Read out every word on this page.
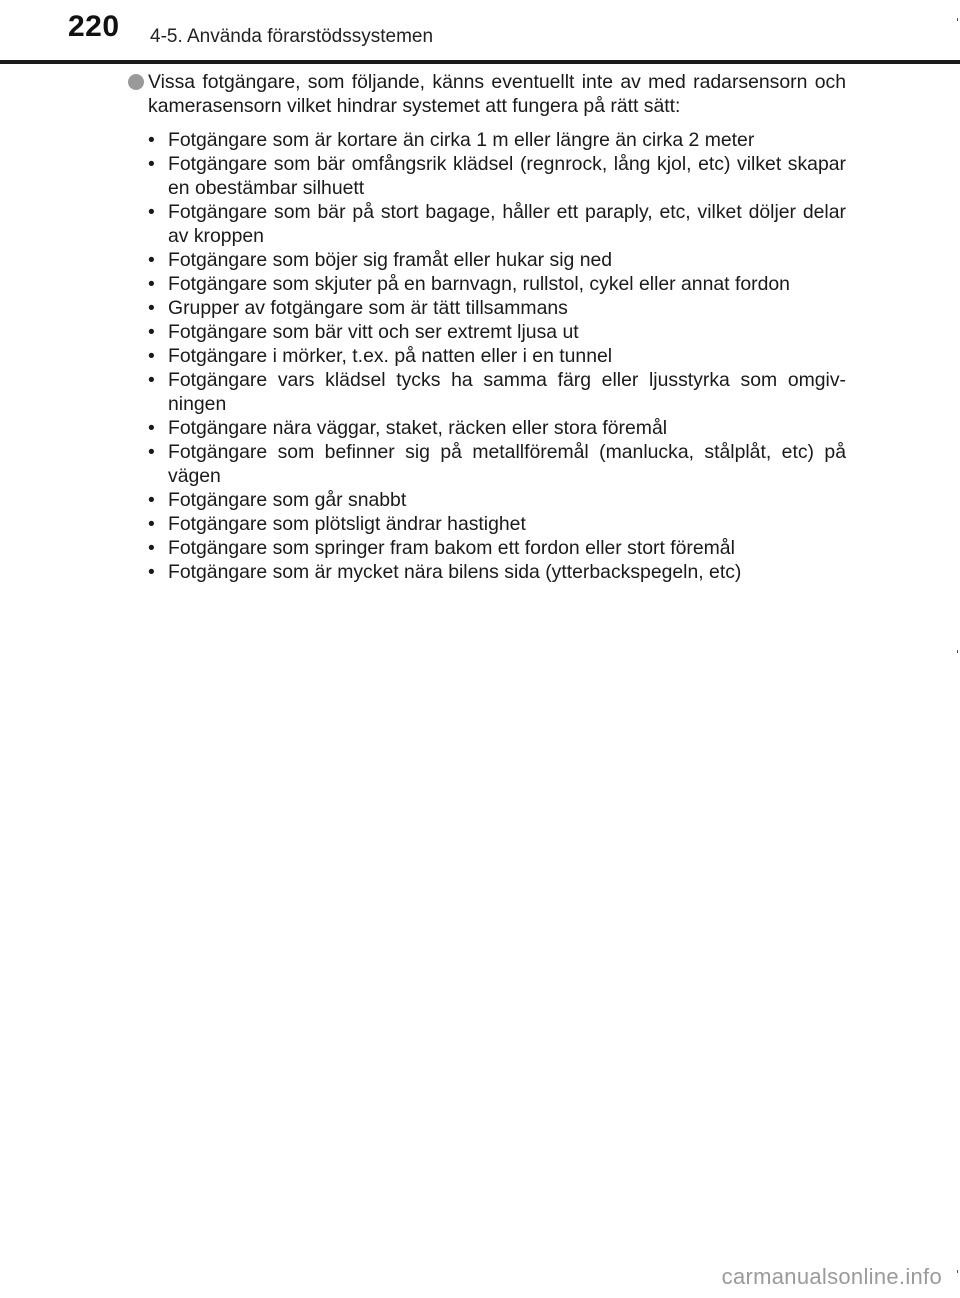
220 4-5. Använda förarstödssystemen
Vissa fotgängare, som följande, känns eventuellt inte av med radarsensorn och kamerasensorn vilket hindrar systemet att fungera på rätt sätt:
• Fotgängare som är kortare än cirka 1 m eller längre än cirka 2 meter
• Fotgängare som bär omfångsrik klädsel (regnrock, lång kjol, etc) vilket skapar en obestämbar silhuett
• Fotgängare som bär på stort bagage, håller ett paraply, etc, vilket döljer delar av kroppen
• Fotgängare som böjer sig framåt eller hukar sig ned
• Fotgängare som skjuter på en barnvagn, rullstol, cykel eller annat fordon
• Grupper av fotgängare som är tätt tillsammans
• Fotgängare som bär vitt och ser extremt ljusa ut
• Fotgängare i mörker, t.ex. på natten eller i en tunnel
• Fotgängare vars klädsel tycks ha samma färg eller ljusstyrka som omgiv-ningen
• Fotgängare nära väggar, staket, räcken eller stora föremål
• Fotgängare som befinner sig på metallföremål (manlucka, stålplåt, etc) på vägen
• Fotgängare som går snabbt
• Fotgängare som plötsligt ändrar hastighet
• Fotgängare som springer fram bakom ett fordon eller stort föremål
• Fotgängare som är mycket nära bilens sida (ytterbackspegeln, etc)
carmanualsonline.info
